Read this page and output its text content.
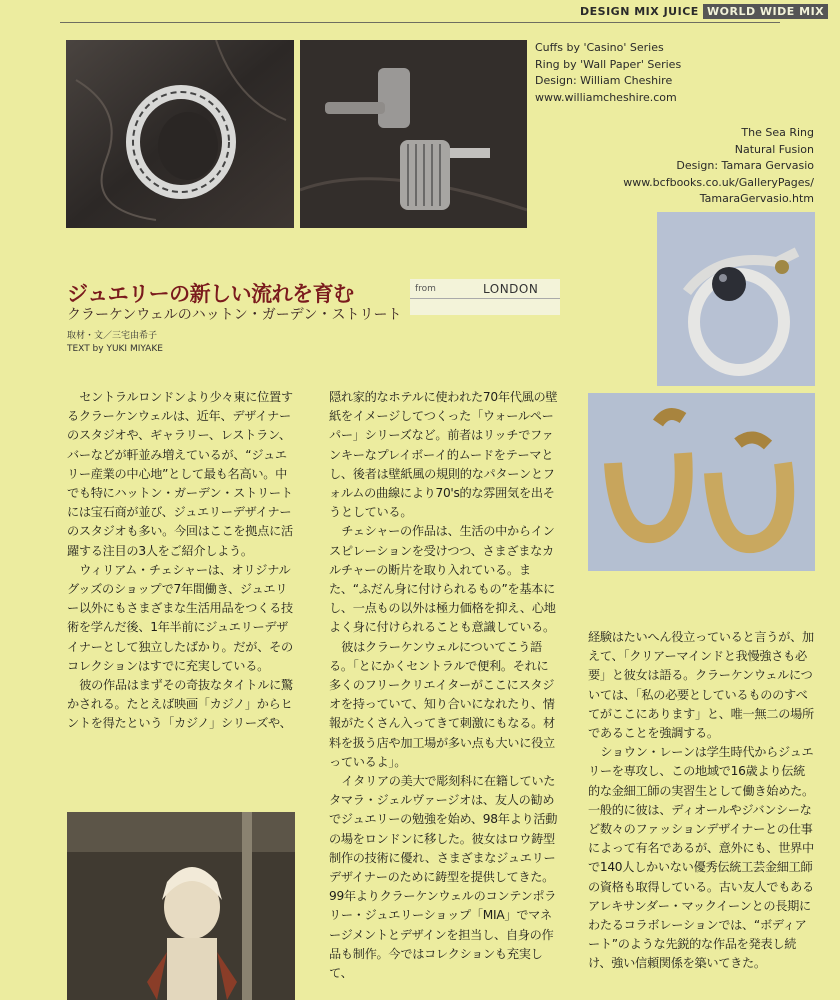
DESIGN MIX JUICE WORLD WIDE MIX
Cuffs by 'Casino' Series
Ring by 'Wall Paper' Series
Design: William Cheshire
www.williamcheshire.com
The Sea Ring
Natural Fusion
Design: Tamara Gervasio
www.bcfbooks.co.uk/GalleryPages/
TamaraGervasio.htm
ジュエリーの新しい流れを育む
クラーケンウェルのハットン・ガーデン・ストリート
取材・文／三宅由希子
TEXT by YUKI MIYAKE
from	LONDON

セントラルロンドンより少々東に位置するクラーケンウェルは、近年、デザイナーのスタジオや、ギャラリー、レストラン、バーなどが軒並み増えているが、“ジュエリー産業の中心地”として最も名高い。中でも特にハットン・ガーデン・ストリートには宝石商が並び、ジュエリーデザイナーのスタジオも多い。今回はここを拠点に活躍する注目の3人をご紹介しよう。

ウィリアム・チェシャーは、オリジナルグッズのショップで7年間働き、ジュエリー以外にもさまざまな生活用品をつくる技術を学んだ後、1年半前にジュエリーデザイナーとして独立したばかり。だが、そのコレクションはすでに充実している。

彼の作品はまずその奇抜なタイトルに驚かされる。たとえば映画「カジノ」からヒントを得たという「カジノ」シリーズや、

隠れ家的なホテルに使われた70年代風の壁紙をイメージしてつくった「ウォールペーパー」シリーズなど。前者はリッチでファンキーなプレイボーイ的ムードをテーマとし、後者は壁紙風の規則的なパターンとフォルムの曲線により70's的な雰囲気を出そうとしている。

チェシャーの作品は、生活の中からインスピレーションを受けつつ、さまざまなカルチャーの断片を取り入れている。また、“ふだん身に付けられるもの”を基本にし、一点もの以外は極力価格を抑え、心地よく身に付けられることも意識している。

彼はクラーケンウェルについてこう語る。「とにかくセントラルで便利。それに多くのフリークリエイターがここにスタジオを持っていて、知り合いになれたり、情報がたくさん入ってきて刺激にもなる。材料を扱う店や加工場が多い点も大いに役立っているよ」。

イタリアの美大で彫刻科に在籍していたタマラ・ジェルヴァージオは、友人の勧めでジュエリーの勉強を始め、98年より活動の場をロンドンに移した。彼女はロウ鋳型制作の技術に優れ、さまざまなジュエリーデザイナーのために鋳型を提供してきた。99年よりクラーケンウェルのコンテンポラリー・ジュエリーショップ「MIA」でマネージメントとデザインを担当し、自身の作品も制作。今ではコレクションも充実して、

経験はたいへん役立っていると言うが、加えて、「クリアーマインドと我慢強さも必要」と彼女は語る。クラーケンウェルについては、「私の必要としているもののすべてがここにあります」と、唯一無二の場所であることを強調する。

ショウン・レーンは学生時代からジュエリーを専攻し、この地域で16歳より伝統的な金細工師の実習生として働き始めた。一般的に彼は、ディオールやジバンシーなど数々のファッションデザイナーとの仕事によって有名であるが、意外にも、世界中で140人しかいない優秀伝統工芸金細工師の資格も取得している。古い友人でもあるアレキサンダー・マックイーンとの長期にわたるコラボレーションでは、“ボディアート”のような先鋭的な作品を発表し続け、強い信頼関係を築いてきた。
